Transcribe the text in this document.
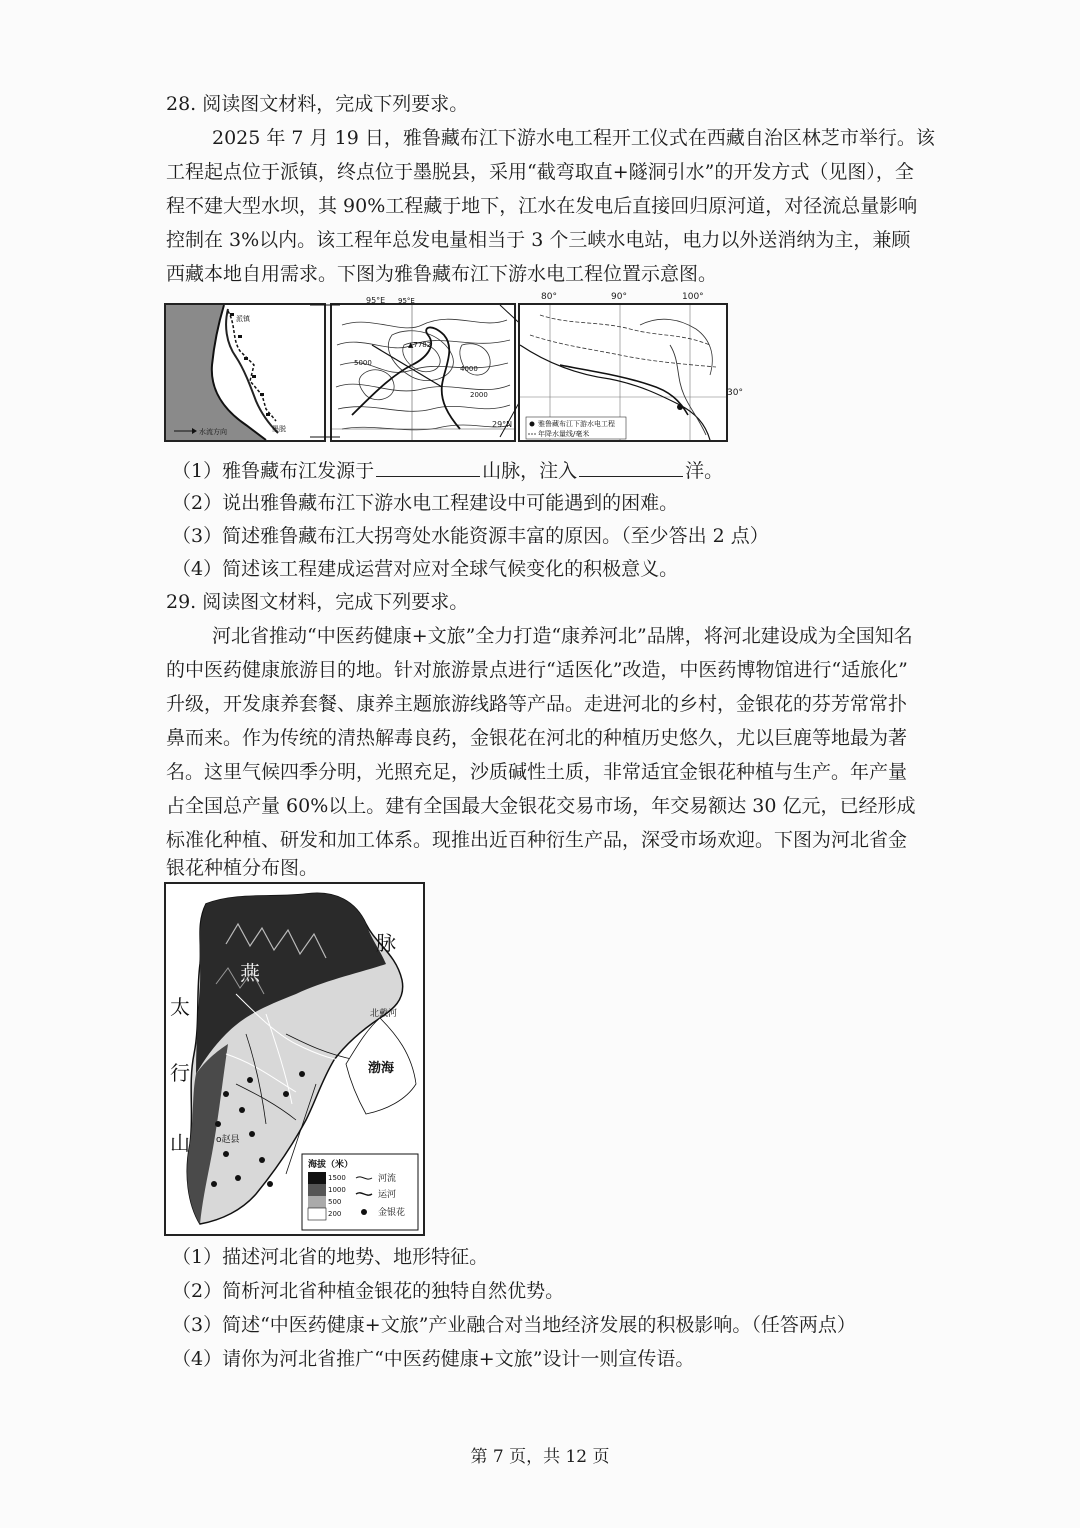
28. 阅读图文材料，完成下列要求。
2025 年 7 月 19 日，雅鲁藏布江下游水电工程开工仪式在西藏自治区林芝市举行。该
工程起点位于派镇，终点位于墨脱县，采用“截弯取直+隧洞引水”的开发方式（见图），全
程不建大型水坝，其 90%工程藏于地下，江水在发电后直接回归原河道，对径流总量影响
控制在 3%以内。该工程年总发电量相当于 3 个三峡水电站，电力以外送消纳为主，兼顾
西藏本地自用需求。下图为雅鲁藏布江下游水电工程位置示意图。
派镇
墨脱
水流方向
95°E
▲7782
5000
4000
2000
95°E
29°N	雅鲁藏布江下游水电工程
年降水量线/毫米
80°	90°	100°
30°
（1）雅鲁藏布江发源于	山脉，注入	洋。
（2）说出雅鲁藏布江下游水电工程建设中可能遇到的困难。
（3）简述雅鲁藏布江大拐弯处水能资源丰富的原因。（至少答出 2 点）
（4）简述该工程建成运营对应对全球气候变化的积极意义。
29. 阅读图文材料，完成下列要求。
河北省推动“中医药健康+文旅”全力打造“康养河北”品牌，将河北建设成为全国知名
的中医药健康旅游目的地。针对旅游景点进行“适医化”改造，中医药博物馆进行“适旅化”
升级，开发康养套餐、康养主题旅游线路等产品。走进河北的乡村，金银花的芬芳常常扑
鼻而来。作为传统的清热解毒良药，金银花在河北的种植历史悠久，尤以巨鹿等地最为著
名。这里气候四季分明，光照充足，沙质碱性土质，非常适宜金银花种植与生产。年产量
占全国总产量 60%以上。建有全国最大金银花交易市场，年交易额达 30 亿元，已经形成
标准化种植、研发和加工体系。现推出近百种衍生产品，深受市场欢迎。下图为河北省金
银花种植分布图。
脉
太
行
山
燕
渤海
北戴河
o赵县
海拔（米）
1500
1000
500
200
河流
运河
金银花
（1）描述河北省的地势、地形特征。
（2）简析河北省种植金银花的独特自然优势。
（3）简述“中医药健康+文旅”产业融合对当地经济发展的积极影响。（任答两点）
（4）请你为河北省推广“中医药健康+文旅”设计一则宣传语。
第 7 页，共 12 页
